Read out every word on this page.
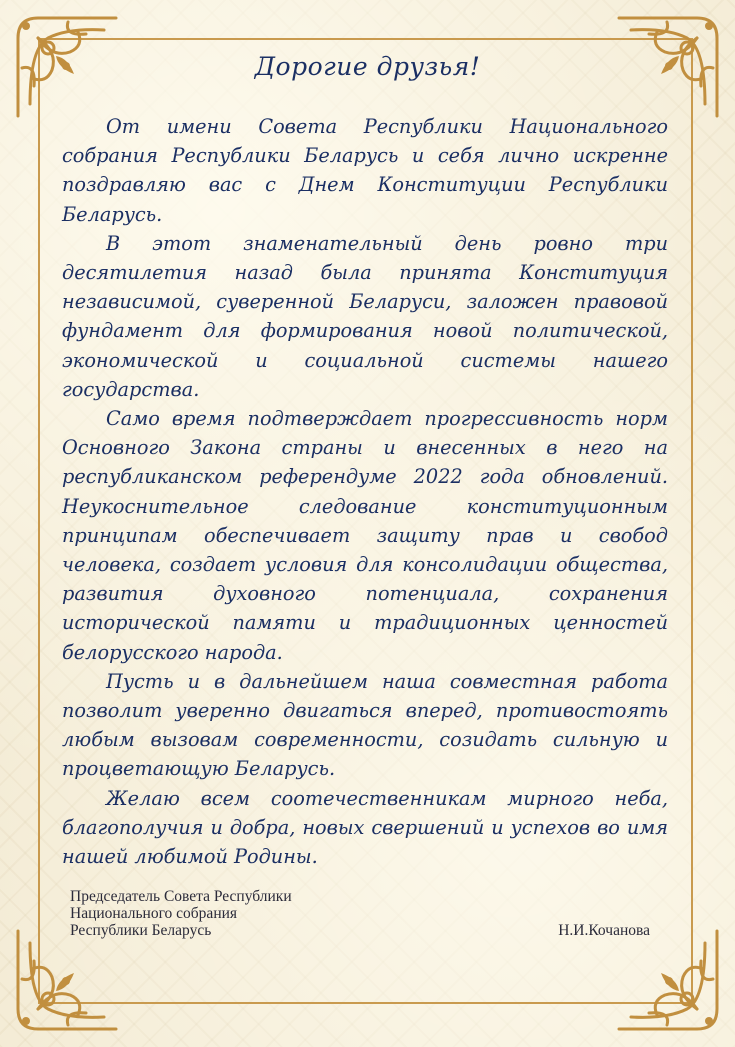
Дорогие друзья!

От имени Совета Республики Национального собрания Республики Беларусь и себя лично искренне поздравляю вас с Днем Конституции Республики Беларусь.

В этот знаменательный день ровно три десятилетия назад была принята Конституция независимой, суверенной Беларуси, заложен правовой фундамент для формирования новой политической, экономической и социальной системы нашего государства.

Само время подтверждает прогрессивность норм Основного Закона страны и внесенных в него на республиканском референдуме 2022 года обновлений. Неукоснительное следование конституционным принципам обеспечивает защиту прав и свобод человека, создает условия для консолидации общества, развития духовного потенциала, сохранения исторической памяти и традиционных ценностей белорусского народа.

Пусть и в дальнейшем наша совместная работа позволит уверенно двигаться вперед, противостоять любым вызовам современности, созидать сильную и процветающую Беларусь.

Желаю всем соотечественникам мирного неба, благополучия и добра, новых свершений и успехов во имя нашей любимой Родины.

Председатель Совета Республики
Национального собрания
Республики Беларусь	Н.И.Кочанова
